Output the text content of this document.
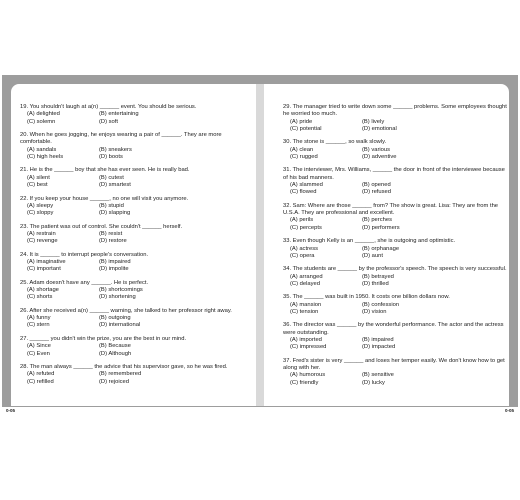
19. You shouldn't laugh at a(n) ______ event. You should be serious.
(A) delighted	(B) entertaining
(C) solemn	(D) soft
20. When he goes jogging, he enjoys wearing a pair of ______. They are more comfortable.
(A) sandals	(B) sneakers
(C) high heels	(D) boots
21. He is the ______ boy that she has ever seen. He is really bad.
(A) silent	(B) cutest
(C) best	(D) smartest
22. If you keep your house ______, no one will visit you anymore.
(A) sleepy	(B) stupid
(C) sloppy	(D) slapping
23. The patient was out of control. She couldn't ______ herself.
(A) restrain	(B) resist
(C) revenge	(D) restore
24. It is ______ to interrupt people's conversation.
(A) imaginative	(B) impaired
(C) important	(D) impolite
25. Adam doesn't have any ______. He is perfect.
(A) shortage	(B) shortcomings
(C) shorts	(D) shortening
26. After she received a(n) ______ warning, she talked to her professor right away.
(A) funny	(B) outgoing
(C) stern	(D) international
27. ______ you didn't win the prize, you are the best in our mind.
(A) Since	(B) Because
(C) Even	(D) Although
28. The man always ______ the advice that his supervisor gave, so he was fired.
(A) refuted	(B) remembered
(C) refilled	(D) rejoiced
29. The manager tried to write down some ______ problems. Some employees thought he worried too much.
(A) pride	(B) lively
(C) potential	(D) emotional
30. The stone is ______, so walk slowly.
(A) clean	(B) various
(C) rugged	(D) adventive
31. The interviewer, Mrs. Williams, ______ the door in front of the interviewee because of his bad manners.
(A) slammed	(B) opened
(C) flowed	(D) refused
32. Sam: Where are those ______ from? The show is great. Lisa: They are from the U.S.A. They are professional and excellent.
(A) perils	(B) perches
(C) percepts	(D) performers
33. Even though Kelly is an ______, she is outgoing and optimistic.
(A) actress	(B) orphanage
(C) opera	(D) aunt
34. The students are ______ by the professor's speech. The speech is very successful.
(A) arranged	(B) betrayed
(C) delayed	(D) thrilled
35. The ______ was built in 1950. It costs one billion dollars now.
(A) mansion	(B) confession
(C) tension	(D) vision
36. The director was ______ by the wonderful performance. The actor and the actress were outstanding.
(A) imported	(B) impaired
(C) impressed	(D) impacted
37. Fred's sister is very ______ and loses her temper easily. We don't know how to get along with her.
(A) humorous	(B) sensitive
(C) friendly	(D) lucky
0-05	0-05
